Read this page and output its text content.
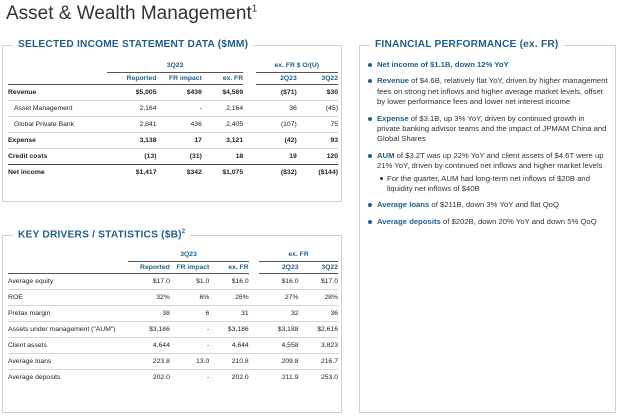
Asset & Wealth Management$^1$
SELECTED INCOME STATEMENT DATA ($MM)
	3Q23				ex. FR $ O/(U)	
	Reported	FR impact	ex. FR		2Q23	3Q22
Revenue	$5,005	$436	$4,569		($71)	$30
Asset Management	2,164	-	2,164		36	(45)
Global Private Bank	2,841	436	2,405		(107)	75
Expense	3,138	17	3,121		(42)	93
Credit costs	(13)	(31)	18		19	120
Net income	$1,417	$342	$1,075		($32)	($144)
KEY DRIVERS / STATISTICS ($B)$^2$
	3Q23				ex. FR	
	Reported	FR impact	ex. FR		2Q23	3Q22
Average equity	$17.0	$1.0	$16.0		$16.0	$17.0
ROE	32%	6%	26%		27%	28%
Pretax margin	38	6	31		32	36
Assets under management ("AUM")	$3,186	-	$3,186		$3,188	$2,616
Client assets	4,644	-	4,644		4,558	3,823
Average loans	223.8	13.0	210.8		209.8	216.7
Average deposits	202.0	-	202.0		211.9	253.0
FINANCIAL PERFORMANCE (ex. FR)
Net income of $1.1B, down 12% YoY
Revenue of $4.6B, relatively flat YoY, driven by higher management fees on strong net inflows and higher average market levels, offset by lower performance fees and lower net interest income
Expense of $3.1B, up 3% YoY, driven by continued growth in private banking advisor teams and the impact of JPMAM China and Global Shares
AUM of $3.2T was up 22% YoY and client assets of $4.6T were up 21% YoY, driven by continued net inflows and higher market levels
For the quarter, AUM had long-term net inflows of $20B and liquidity net inflows of $40B
Average loans of $211B, down 3% YoY and flat QoQ
Average deposits of $202B, down 20% YoY and down 5% QoQ
